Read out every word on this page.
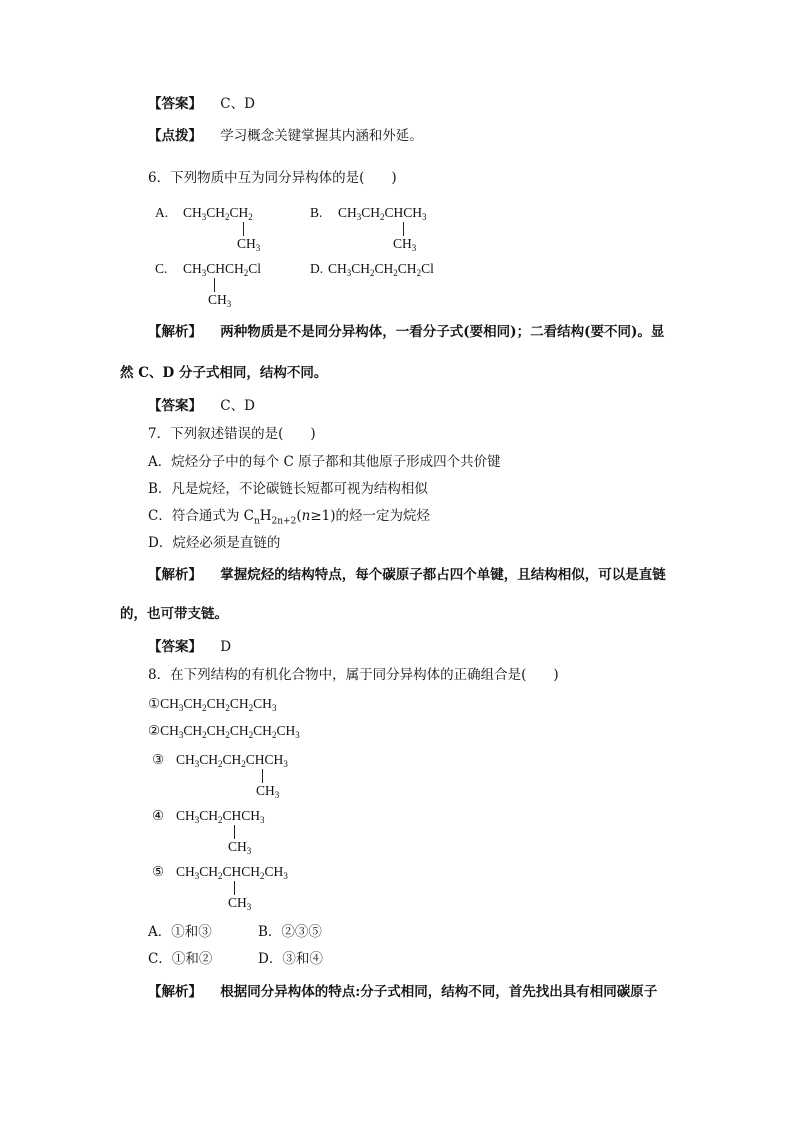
【答案】 C、D
【点拨】 学习概念关键掌握其内涵和外延。
6．下列物质中互为同分异构体的是(　　)
A. $CH_3CH_2CH_2$
$CH_3$
B. $CH_3CH_2CHCH_3$
$CH_3$
C. $CH_3CHCH_2Cl$
$CH_3$
D. $CH_3CH_2CH_2CH_2Cl$
【解析】 两种物质是不是同分异构体，一看分子式(要相同)；二看结构(要不同)。显
然 C、D 分子式相同，结构不同。
【答案】 C、D
7．下列叙述错误的是(　　)
A．烷烃分子中的每个 C 原子都和其他原子形成四个共价键
B．凡是烷烃，不论碳链长短都可视为结构相似
C．符合通式为 $C_nH_{2n+2}(n\ge 1)$的烃一定为烷烃
D．烷烃必须是直链的
【解析】 掌握烷烃的结构特点，每个碳原子都占四个单键，且结构相似，可以是直链
的，也可带支链。
【答案】 D
8．在下列结构的有机化合物中，属于同分异构体的正确组合是(　　)
$①CH_3CH_2CH_2CH_2CH_3$
$②CH_3CH_2CH_2CH_2CH_2CH_3$
③ $CH_3CH_2CH_2CHCH_3$
$CH_3$
④ $CH_3CH_2CHCH_3$
$CH_3$
⑤ $CH_3CH_2CHCH_2CH_3$
$CH_3$
A．①和③	B．②③⑤
C．①和②	D．③和④
【解析】 根据同分异构体的特点:分子式相同，结构不同，首先找出具有相同碳原子
